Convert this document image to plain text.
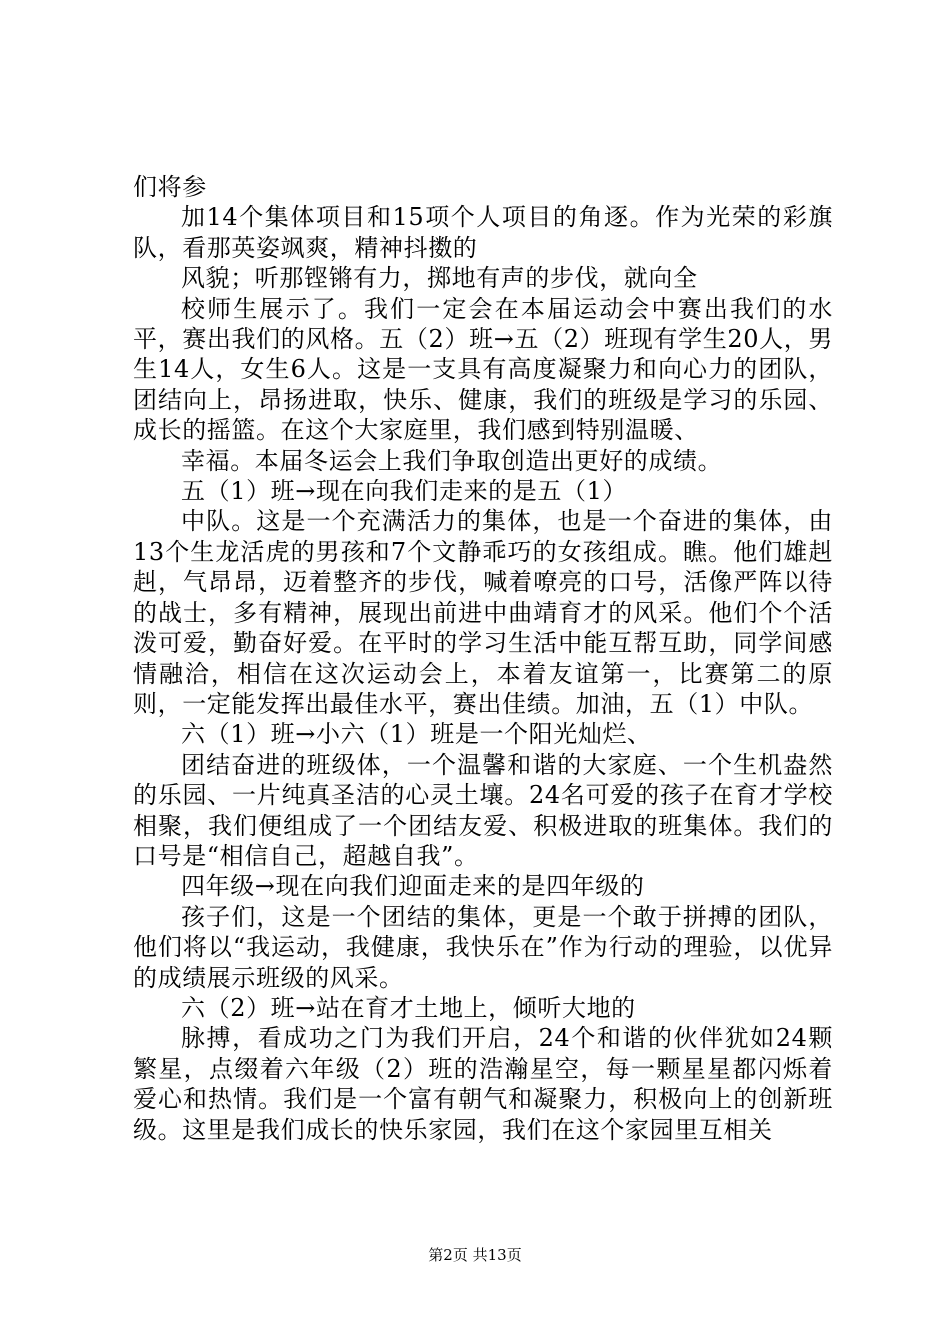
们将参

加14个集体项目和15项个人项目的角逐。作为光荣的彩旗队，看那英姿飒爽，精神抖擞的

风貌；听那铿锵有力，掷地有声的步伐，就向全

校师生展示了。我们一定会在本届运动会中赛出我们的水平，赛出我们的风格。五（2）班→五（2）班现有学生20人，男生14人，女生6人。这是一支具有高度凝聚力和向心力的团队，团结向上，昂扬进取，快乐、健康，我们的班级是学习的乐园、成长的摇篮。在这个大家庭里，我们感到特别温暖、

幸福。本届冬运会上我们争取创造出更好的成绩。

五（1）班→现在向我们走来的是五（1）

中队。这是一个充满活力的集体，也是一个奋进的集体，由13个生龙活虎的男孩和7个文静乖巧的女孩组成。瞧。他们雄赳赳，气昂昂，迈着整齐的步伐，喊着嘹亮的口号，活像严阵以待的战士，多有精神，展现出前进中曲靖育才的风采。他们个个活泼可爱，勤奋好爱。在平时的学习生活中能互帮互助，同学间感情融洽，相信在这次运动会上，本着友谊第一，比赛第二的原则，一定能发挥出最佳水平，赛出佳绩。加油，五（1）中队。

六（1）班→小六（1）班是一个阳光灿烂、

团结奋进的班级体，一个温馨和谐的大家庭、一个生机盎然的乐园、一片纯真圣洁的心灵土壤。24名可爱的孩子在育才学校相聚，我们便组成了一个团结友爱、积极进取的班集体。我们的口号是“相信自己，超越自我”。

四年级→现在向我们迎面走来的是四年级的

孩子们，这是一个团结的集体，更是一个敢于拼搏的团队，他们将以“我运动，我健康，我快乐在”作为行动的理验，以优异的成绩展示班级的风采。

六（2）班→站在育才土地上，倾听大地的

脉搏，看成功之门为我们开启，24个和谐的伙伴犹如24颗繁星，点缀着六年级（2）班的浩瀚星空，每一颗星星都闪烁着爱心和热情。我们是一个富有朝气和凝聚力，积极向上的创新班级。这里是我们成长的快乐家园，我们在这个家园里互相关

第2页 共13页
